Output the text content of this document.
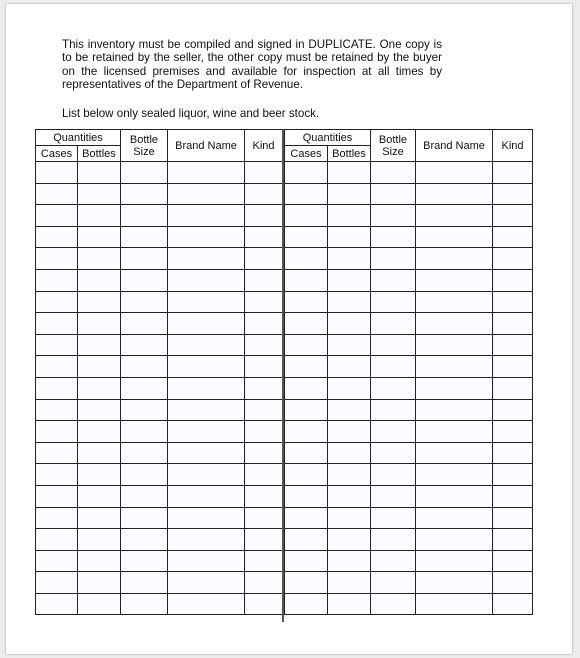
This inventory must be compiled and signed in DUPLICATE. One copy is to be retained by the seller, the other copy must be retained by the buyer on the licensed premises and available for inspection at all times by representatives of the Department of Revenue.

List below only sealed liquor, wine and beer stock.

Quantities		Bottle Size	Brand Name	Kind
Cases	Bottles			

Quantities		Bottle Size	Brand Name	Kind
Cases	Bottles			
